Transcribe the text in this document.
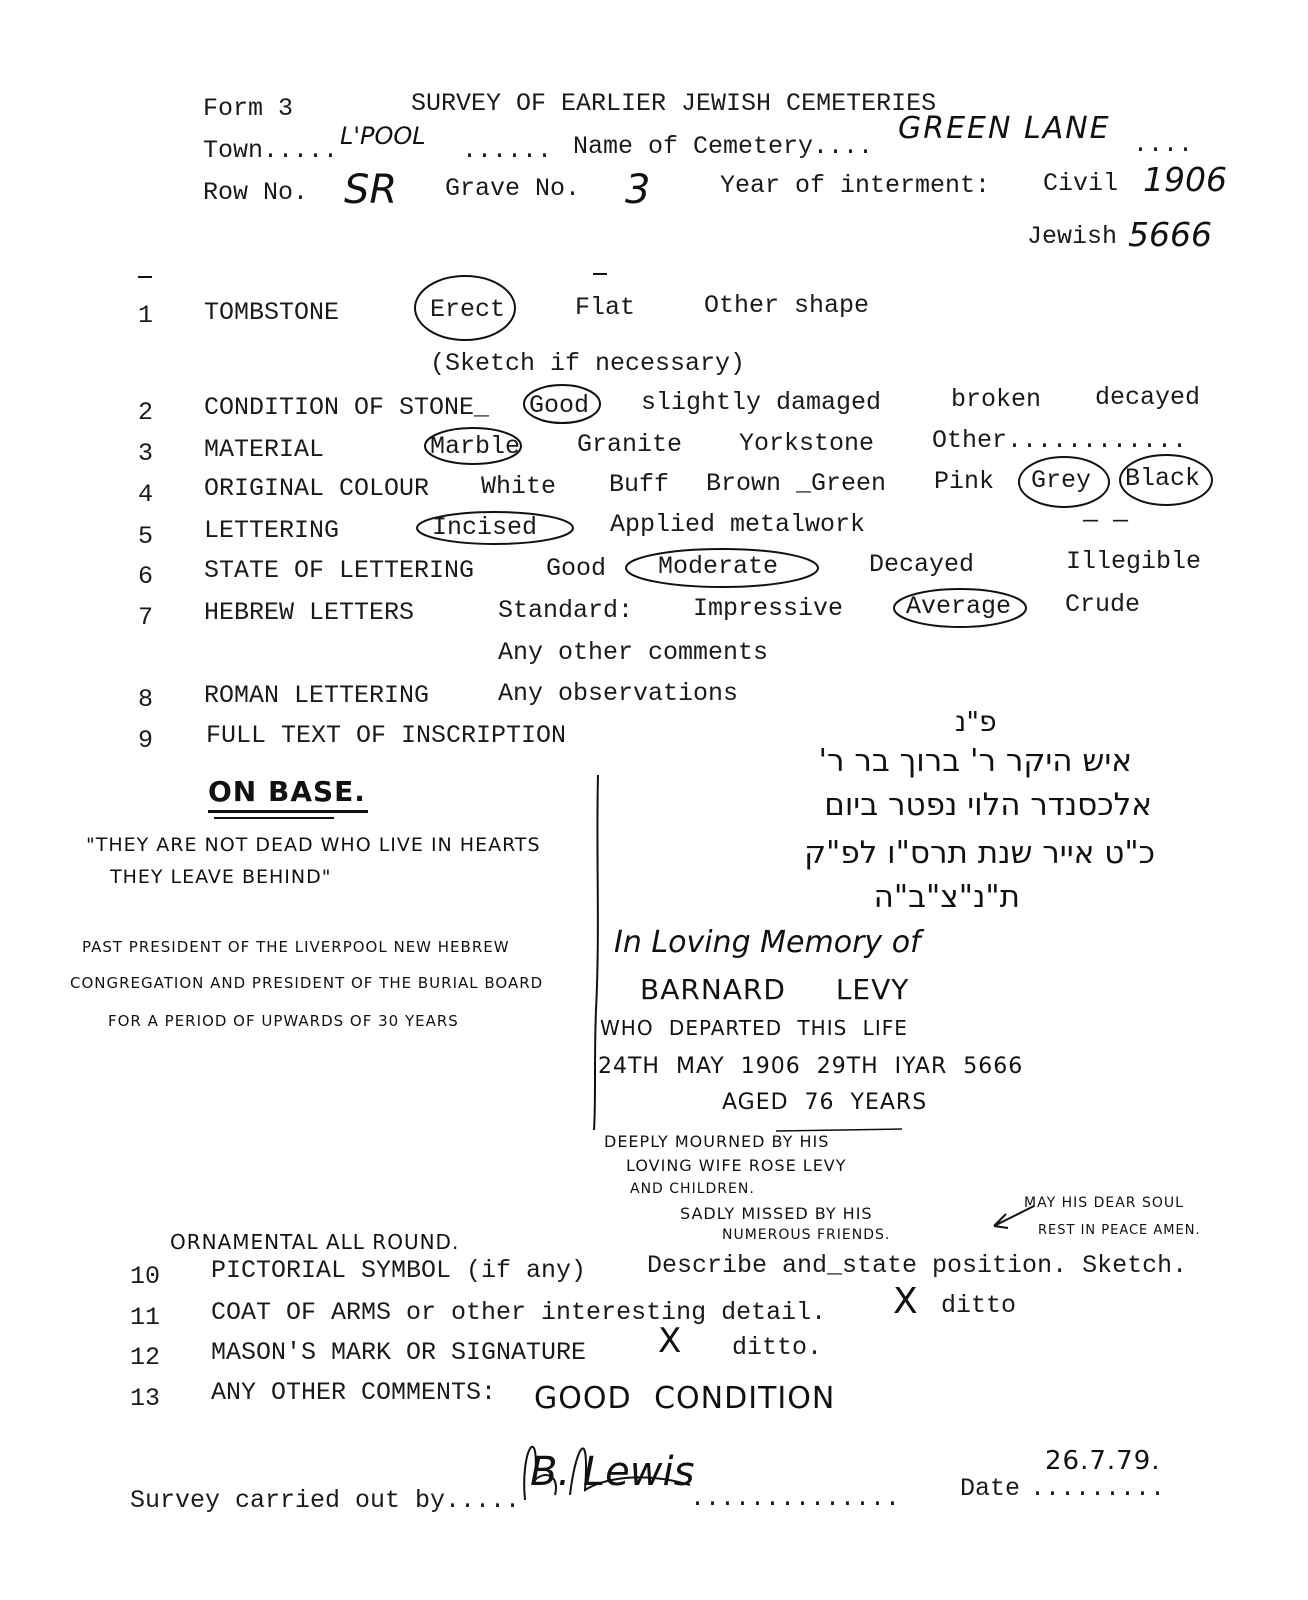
Form 3	SURVEY OF EARLIER JEWISH CEMETERIES
Town..... L'POOL ...... Name of Cemetery....
GREEN LANE ....
Row No. SR Grave No. 3	Year of interment: Civil 1906
Jewish 5666
1 TOMBSTONE	Erect	Flat	Other shape
(Sketch if necessary)
2 CONDITION OF STONE_ Good slightly damaged	broken decayed
3 MATERIAL	Marble Granite Yorkstone Other............
4 ORIGINAL COLOUR White Buff Brown _Green Pink Grey Black
5 LETTERING	Incised	Applied metalwork	— —
6 STATE OF LETTERING	Good Moderate	Decayed	Illegible
7 HEBREW LETTERS	Standard: Impressive	Average Crude
Any other comments
8 ROMAN LETTERING	Any observations
9 FULL TEXT OF INSCRIPTION
ON BASE.
"THEY ARE NOT DEAD WHO LIVE IN HEARTS
THEY LEAVE BEHIND"
PAST PRESIDENT OF THE LIVERPOOL NEW HEBREW
CONGREGATION AND PRESIDENT OF THE BURIAL BOARD
FOR A PERIOD OF UPWARDS OF 30 YEARS
פ"נ
איש היקר ר' ברוך בר ר'
אלכסנדר הלוי נפטר ביום
כ"ט אייר שנת תרס"ו לפ"ק
ת"נ"צ"ב"ה
In Loving Memory of
BARNARD LEVY
WHO DEPARTED THIS LIFE
24TH MAY 1906 29TH IYAR 5666
AGED 76 YEARS
DEEPLY MOURNED BY HIS
LOVING WIFE ROSE LEVY
AND CHILDREN.
SADLY MISSED BY HIS
NUMEROUS FRIENDS.
MAY HIS DEAR SOUL
REST IN PEACE AMEN.
ORNAMENTAL ALL ROUND.
10 PICTORIAL SYMBOL (if any) Describe and_state position. Sketch.
11 COAT OF ARMS or other interesting detail. X ditto
12 MASON'S MARK OR SIGNATURE X ditto.
13 ANY OTHER COMMENTS: GOOD CONDITION
Survey carried out by.....
B. Lewis
.............. Date .........
26.7.79.
